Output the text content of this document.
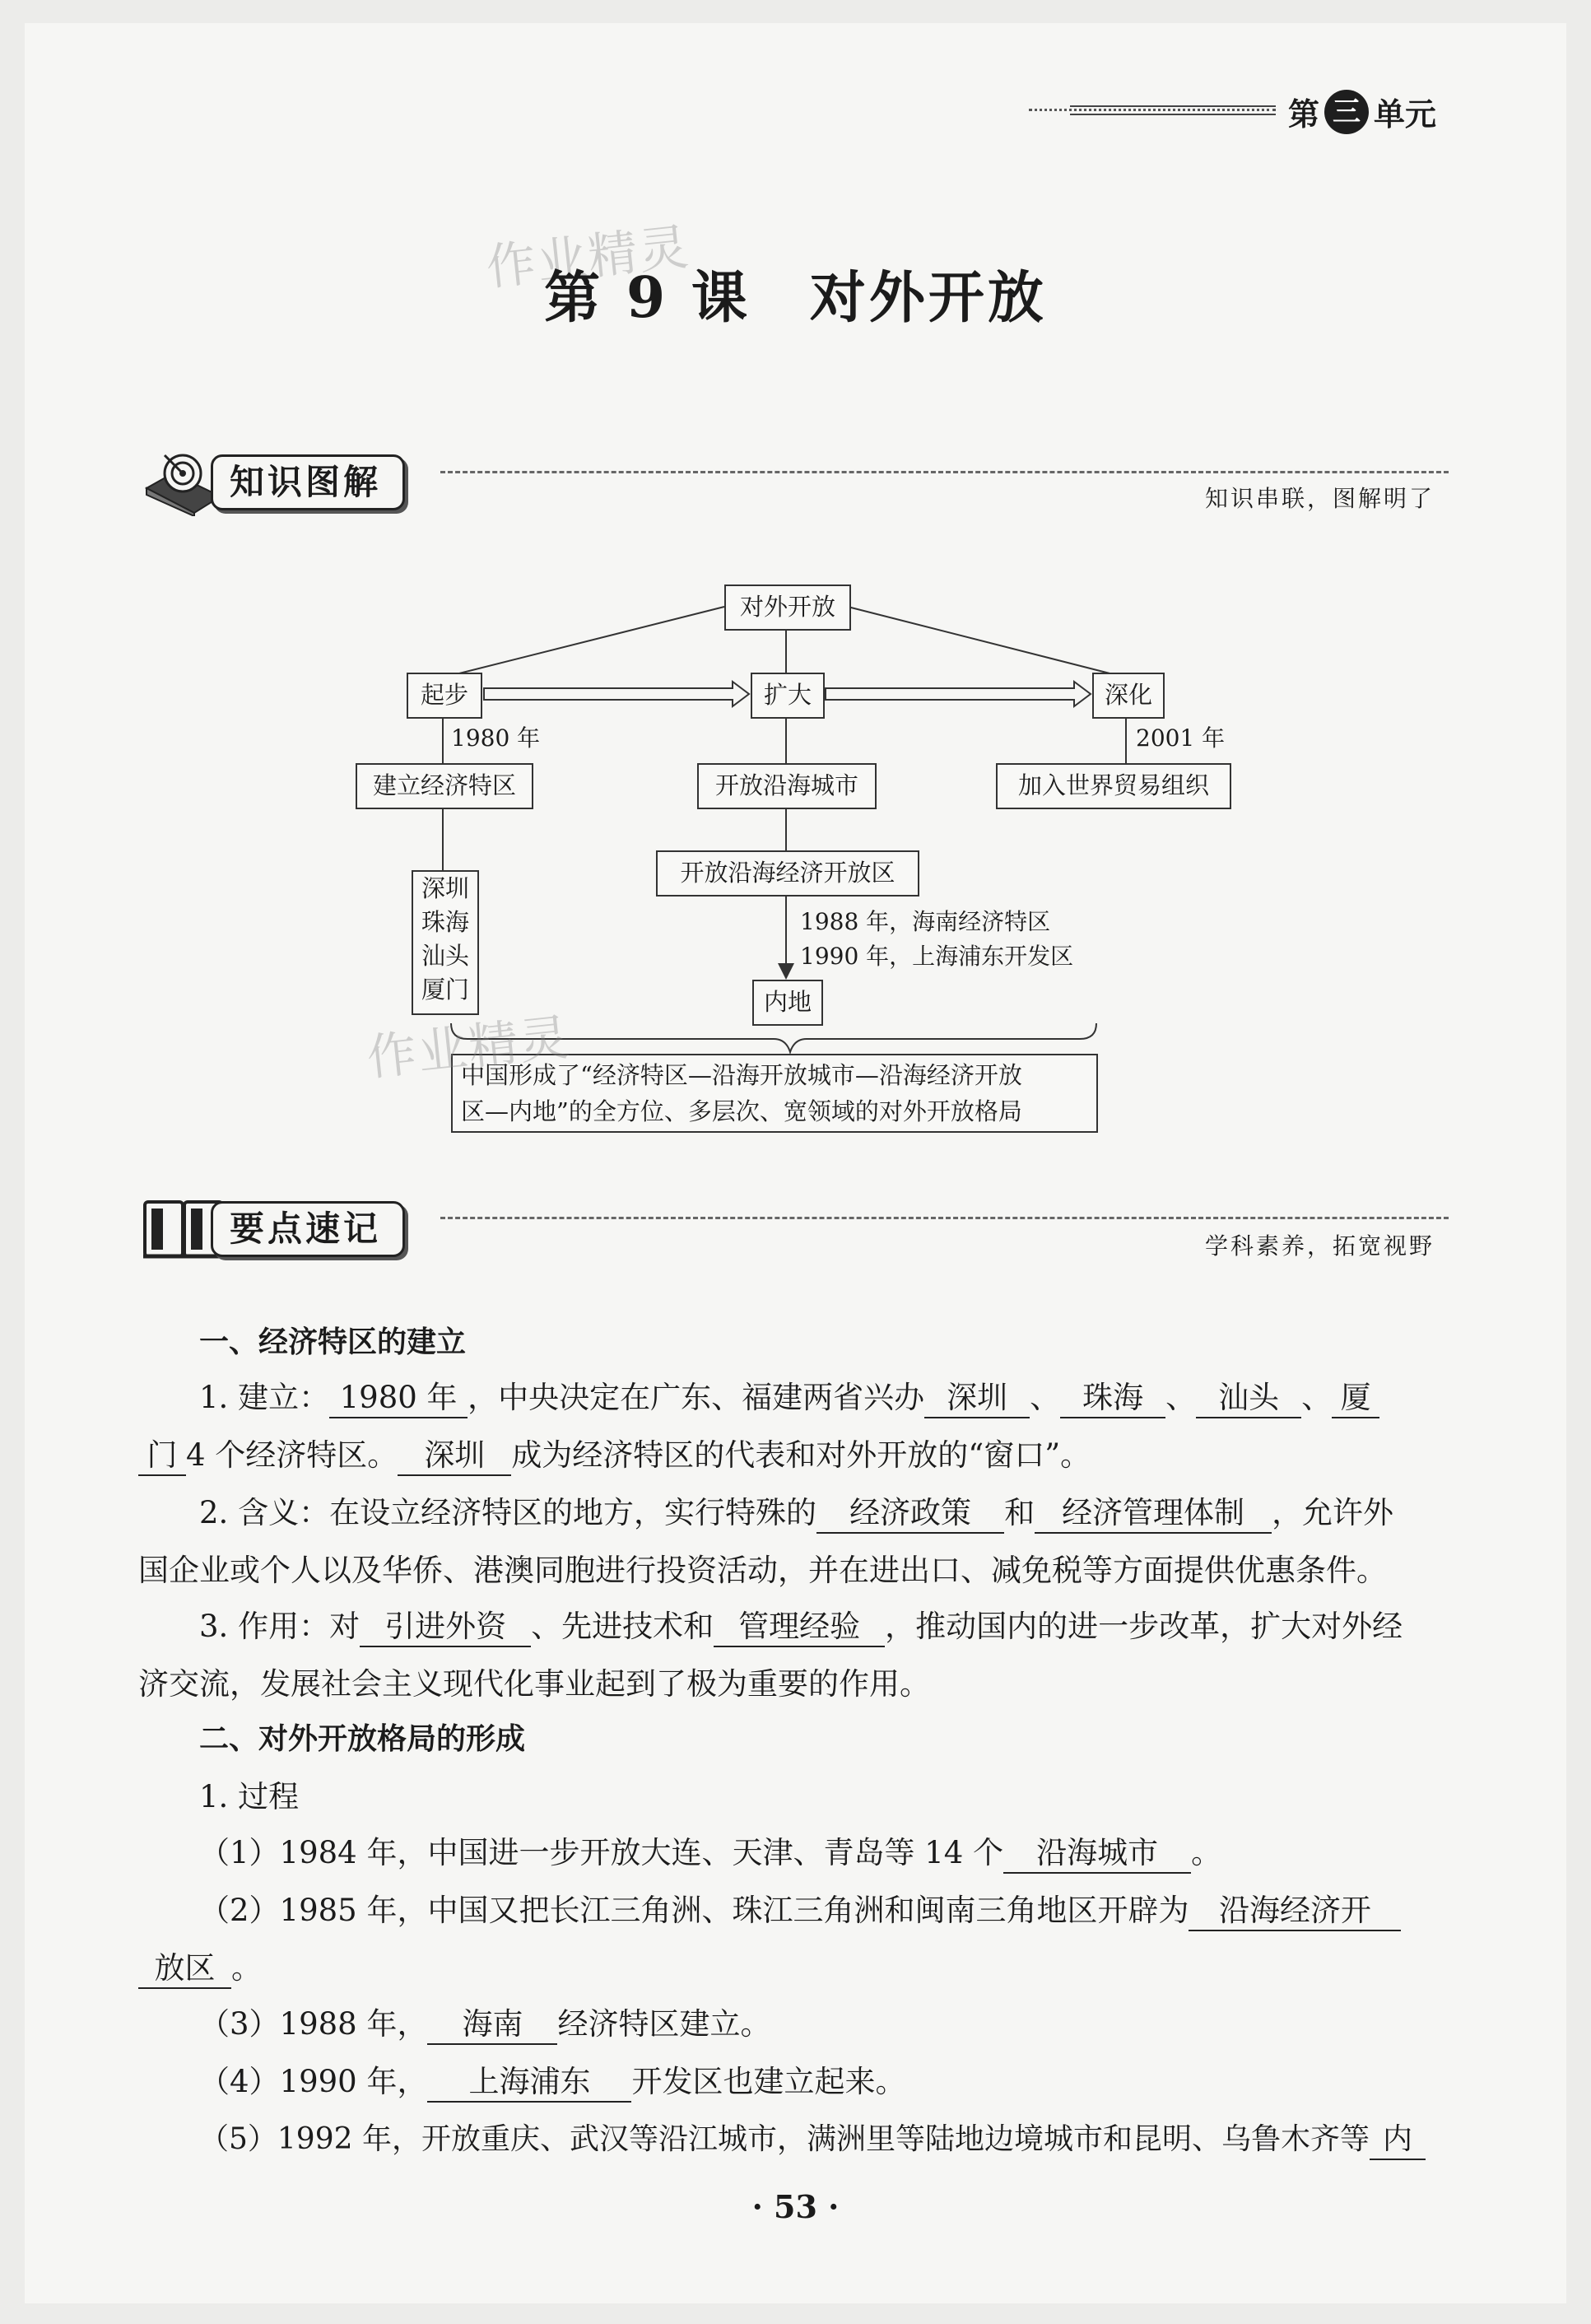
第 三 单元
作业精灵
第 9 课　对外开放
知识图解	知识串联，图解明了
对外开放
起步	扩大	深化
1980 年	2001 年
建立经济特区	开放沿海城市	加入世界贸易组织
开放沿海经济开放区
深圳
珠海
汕头
厦门
1988 年，海南经济特区
1990 年，上海浦东开发区
内地
中国形成了“经济特区—沿海开放城市—沿海经济开放
区—内地”的全方位、多层次、宽领域的对外开放格局
作业精灵
要点速记	学科素养，拓宽视野
一、经济特区的建立
1. 建立： 1980 年 ，中央决定在广东、福建两省兴办 深圳 、 珠海 、 汕头 、 厦
门 4 个经济特区。 深圳 成为经济特区的代表和对外开放的“窗口”。
2. 含义：在设立经济特区的地方，实行特殊的 经济政策 和 经济管理体制 ，允许外
国企业或个人以及华侨、港澳同胞进行投资活动，并在进出口、减免税等方面提供优惠条件。
3. 作用：对 引进外资 、先进技术和 管理经验 ，推动国内的进一步改革，扩大对外经
济交流，发展社会主义现代化事业起到了极为重要的作用。
二、对外开放格局的形成
1. 过程
（1）1984 年，中国进一步开放大连、天津、青岛等 14 个 沿海城市 。
（2）1985 年，中国又把长江三角洲、珠江三角洲和闽南三角地区开辟为 沿海经济开
放区 。
（3）1988 年， 海南 经济特区建立。
（4）1990 年， 上海浦东 开发区也建立起来。
（5）1992 年，开放重庆、武汉等沿江城市，满洲里等陆地边境城市和昆明、乌鲁木齐等 内
· 53 ·
